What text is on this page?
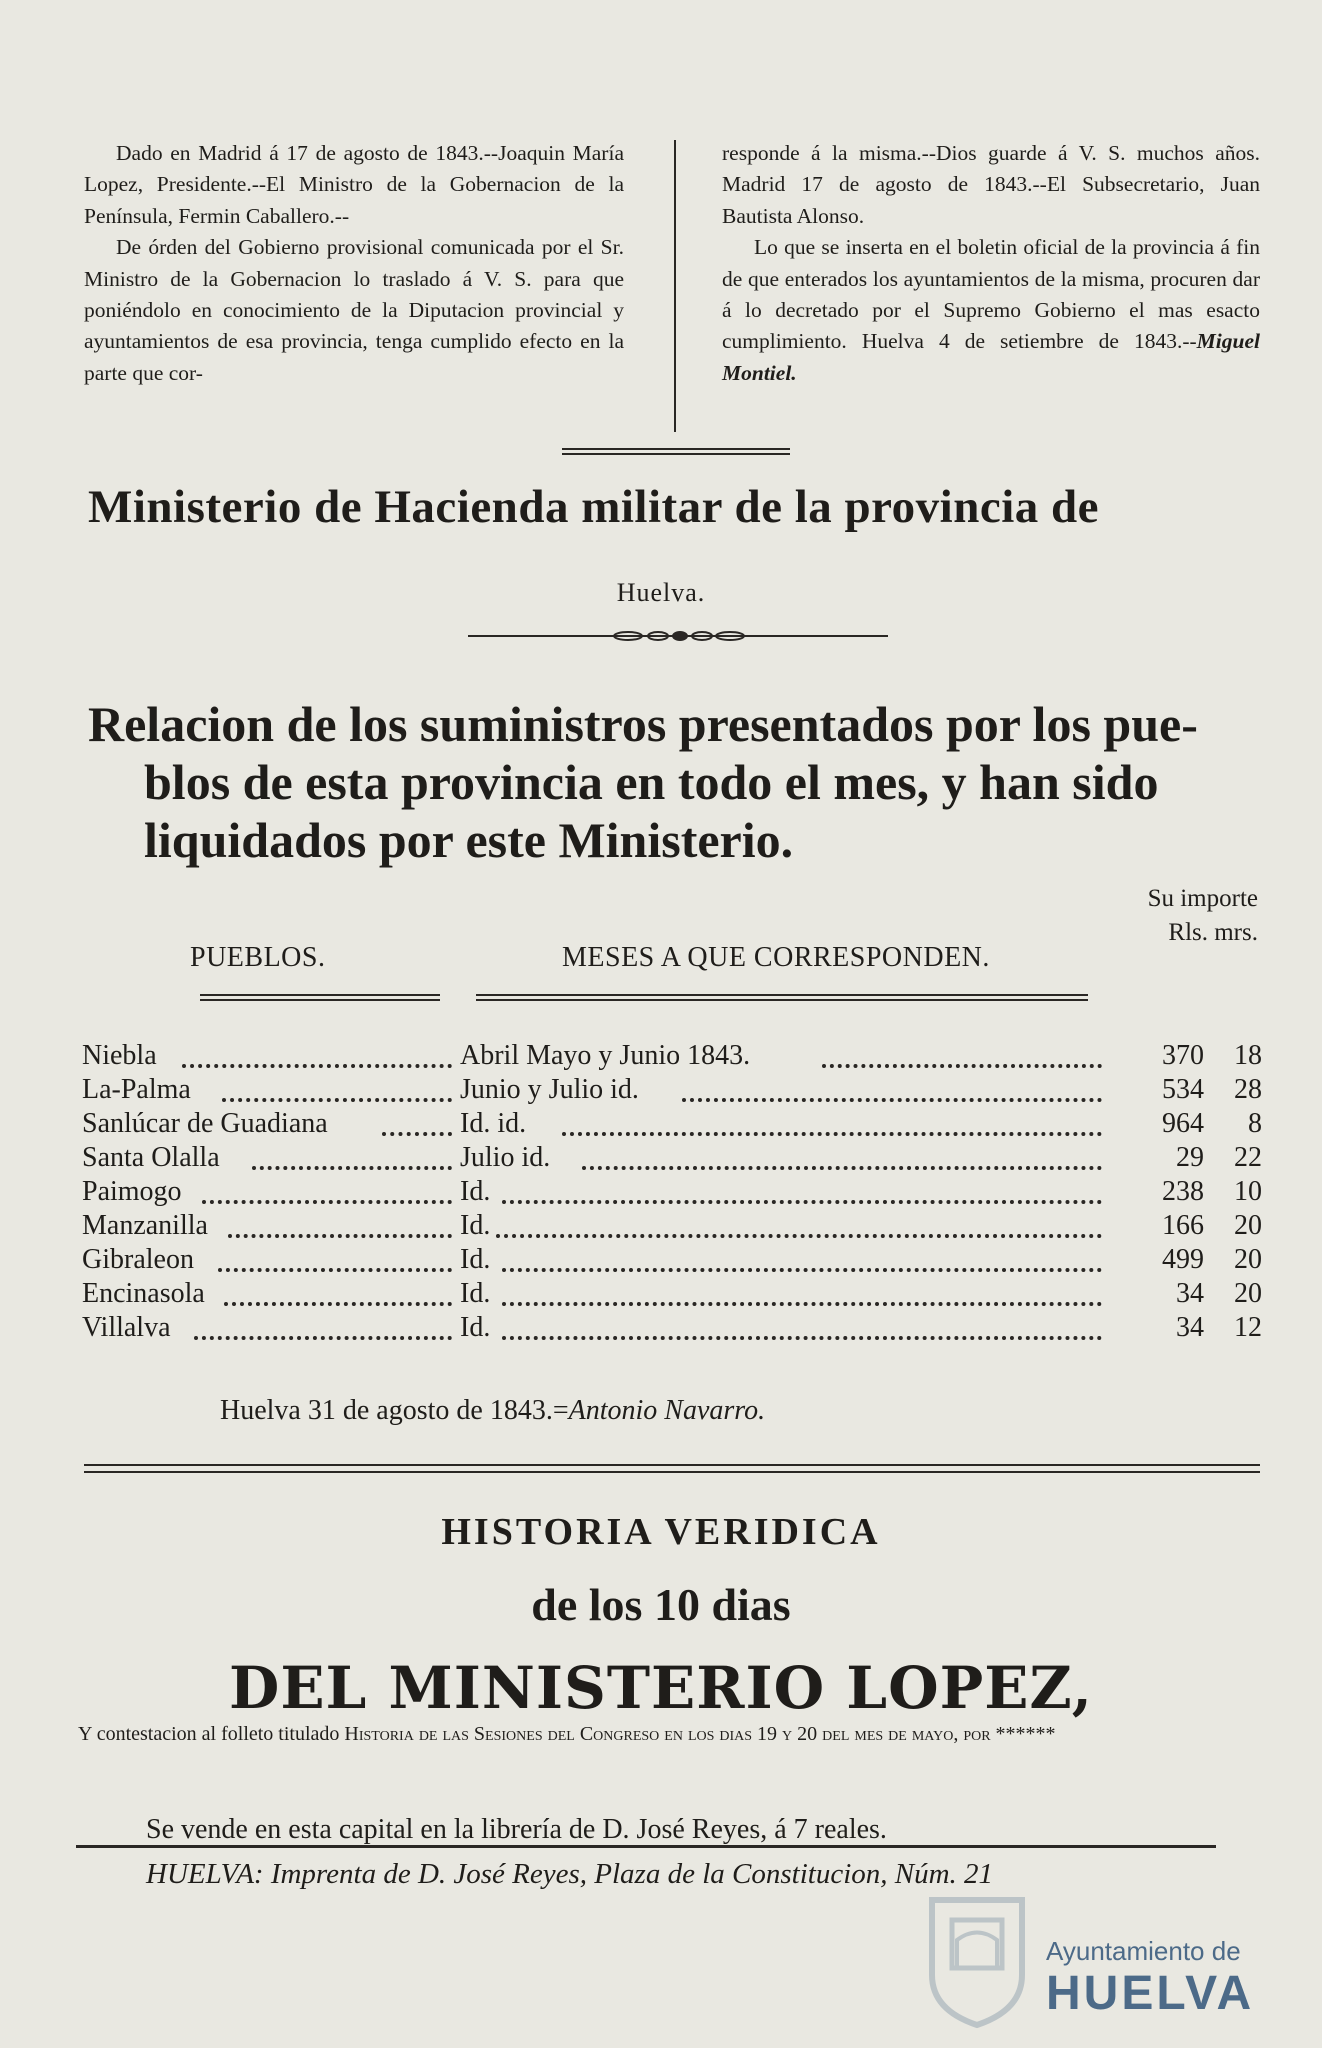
Dado en Madrid á 17 de agosto de 1843.--Joaquin María Lopez, Presidente.--El Ministro de la Gobernacion de la Península, Fermin Caballero.--

De órden del Gobierno provisional comunicada por el Sr. Ministro de la Gobernacion lo traslado á V. S. para que poniéndolo en conocimiento de la Diputacion provincial y ayuntamientos de esa provincia, tenga cumplido efecto en la parte que cor-

responde á la misma.--Dios guarde á V. S. muchos años. Madrid 17 de agosto de 1843.--El Subsecretario, Juan Bautista Alonso.

Lo que se inserta en el boletin oficial de la provincia á fin de que enterados los ayuntamientos de la misma, procuren dar á lo decretado por el Supremo Gobierno el mas esacto cumplimiento. Huelva 4 de setiembre de 1843.--Miguel Montiel.

Ministerio de Hacienda militar de la provincia de
Huelva.
Relacion de los suministros presentados por los pue-
blos de esta provincia en todo el mes, y han sido
liquidados por este Ministerio.
Su importe
Rls. mrs.
PUEBLOS.	MESES A QUE CORRESPONDEN.
Niebla	Abril Mayo y Junio 1843.	370	18
La-Palma	Junio y Julio id.	534	28
Sanlúcar de Guadiana	Id. id.	964	8
Santa Olalla	Julio id.	29	22
Paimogo	Id.	238	10
Manzanilla	Id.	166	20
Gibraleon	Id.	499	20
Encinasola	Id.	34	20
Villalva	Id.	34	12
Huelva 31 de agosto de 1843.=Antonio Navarro.
HISTORIA VERIDICA
de los 10 dias
DEL MINISTERIO LOPEZ,
Y contestacion al folleto titulado Historia de las Sesiones del Congreso en los dias 19 y 20 del mes de mayo, por ******
Se vende en esta capital en la librería de D. José Reyes, á 7 reales.
HUELVA: Imprenta de D. José Reyes, Plaza de la Constitucion, Núm. 21
Ayuntamiento de
HUELVA
